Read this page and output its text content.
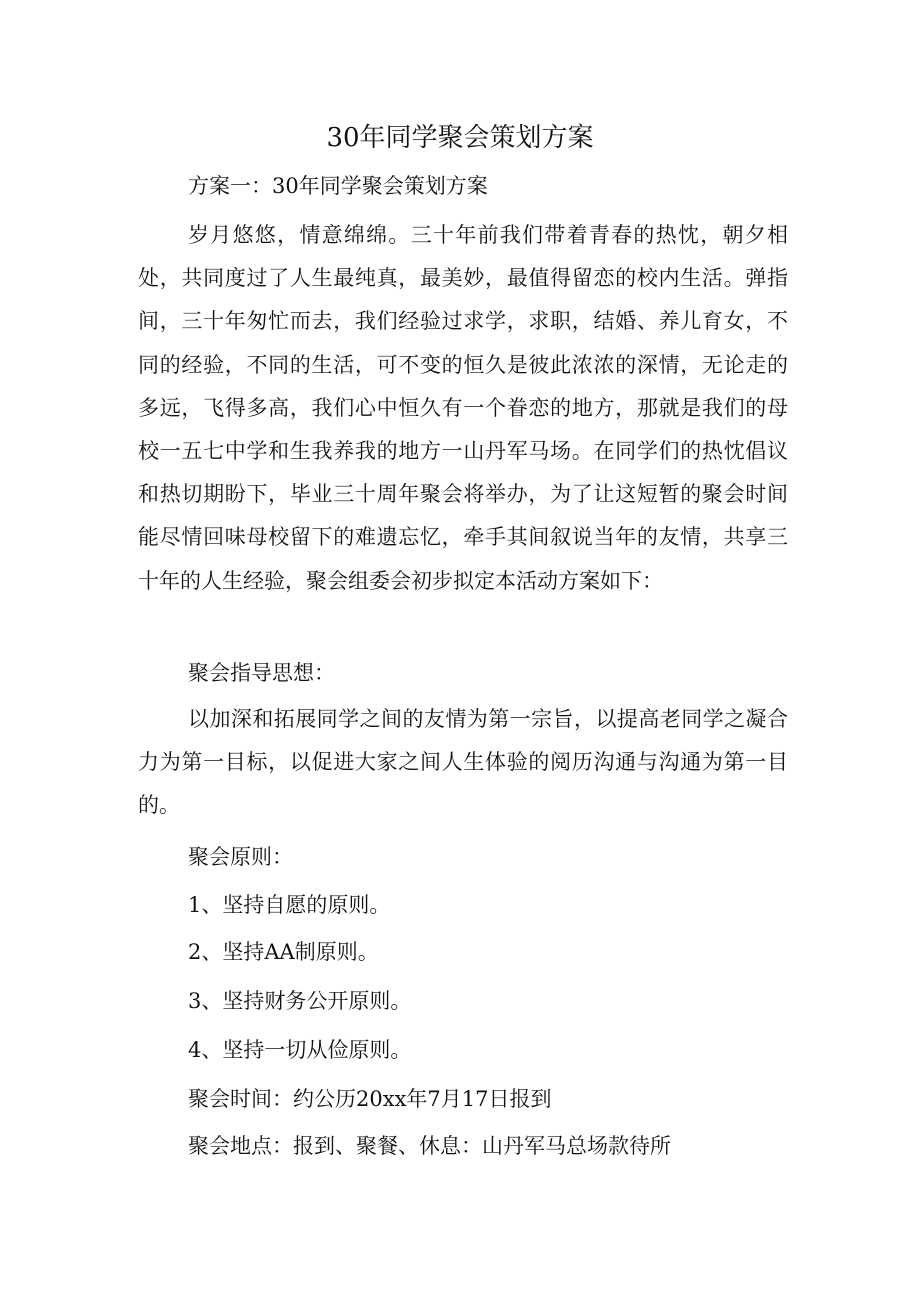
30年同学聚会策划方案
方案一：30年同学聚会策划方案

岁月悠悠，情意绵绵。三十年前我们带着青春的热忱，朝夕相处，共同度过了人生最纯真，最美妙，最值得留恋的校内生活。弹指间，三十年匆忙而去，我们经验过求学，求职，结婚、养儿育女，不同的经验，不同的生活，可不变的恒久是彼此浓浓的深情，无论走的多远，飞得多高，我们心中恒久有一个眷恋的地方，那就是我们的母校一五七中学和生我养我的地方一山丹军马场。在同学们的热忱倡议和热切期盼下，毕业三十周年聚会将举办，为了让这短暂的聚会时间能尽情回味母校留下的难遗忘忆，牵手其间叙说当年的友情，共享三十年的人生经验，聚会组委会初步拟定本活动方案如下：

聚会指导思想：

以加深和拓展同学之间的友情为第一宗旨，以提高老同学之凝合力为第一目标，以促进大家之间人生体验的阅历沟通与沟通为第一目的。

聚会原则：
1、坚持自愿的原则。
2、坚持AA制原则。
3、坚持财务公开原则。
4、坚持一切从俭原则。
聚会时间：约公历20xx年7月17日报到
聚会地点：报到、聚餐、休息：山丹军马总场款待所
